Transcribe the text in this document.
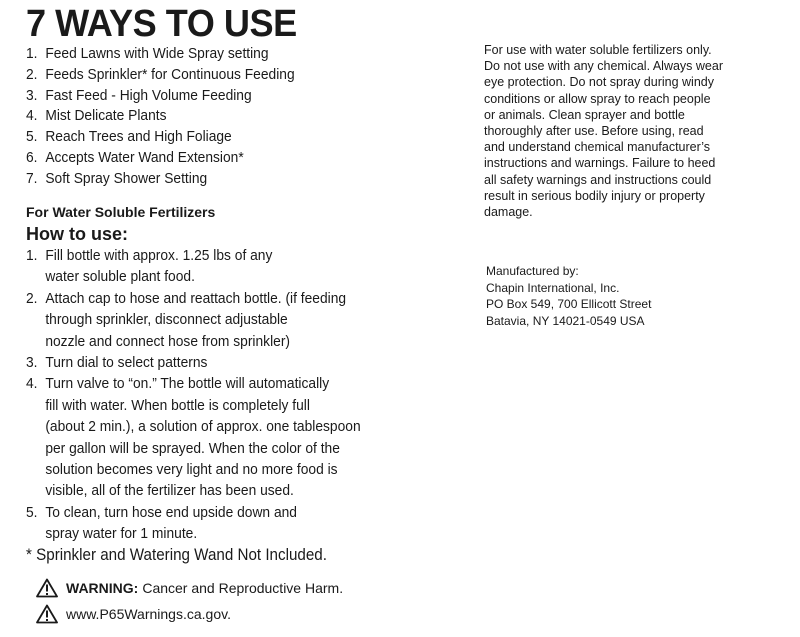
7 WAYS TO USE
1. Feed Lawns with Wide Spray setting
2. Feeds Sprinkler* for Continuous Feeding
3. Fast Feed - High Volume Feeding
4. Mist Delicate Plants
5. Reach Trees and High Foliage
6. Accepts Water Wand Extension*
7. Soft Spray Shower Setting
For Water Soluble Fertilizers
How to use:
1. Fill bottle with approx. 1.25 lbs of any
water soluble plant food.
2. Attach cap to hose and reattach bottle. (if feeding
through sprinkler, disconnect adjustable
nozzle and connect hose from sprinkler)
3. Turn dial to select patterns
4. Turn valve to “on.” The bottle will automatically
fill with water. When bottle is completely full
(about 2 min.), a solution of approx. one tablespoon
per gallon will be sprayed. When the color of the
solution becomes very light and no more food is
visible, all of the fertilizer has been used.
5. To clean, turn hose end upside down and
spray water for 1 minute.
* Sprinkler and Watering Wand Not Included.
WARNING: Cancer and Reproductive Harm.
www.P65Warnings.ca.gov.
For use with water soluble fertilizers only.
Do not use with any chemical. Always wear
eye protection. Do not spray during windy
conditions or allow spray to reach people
or animals. Clean sprayer and bottle
thoroughly after use. Before using, read
and understand chemical manufacturer’s
instructions and warnings. Failure to heed
all safety warnings and instructions could
result in serious bodily injury or property
damage.
Manufactured by:
Chapin International, Inc.
PO Box 549, 700 Ellicott Street
Batavia, NY 14021-0549 USA
